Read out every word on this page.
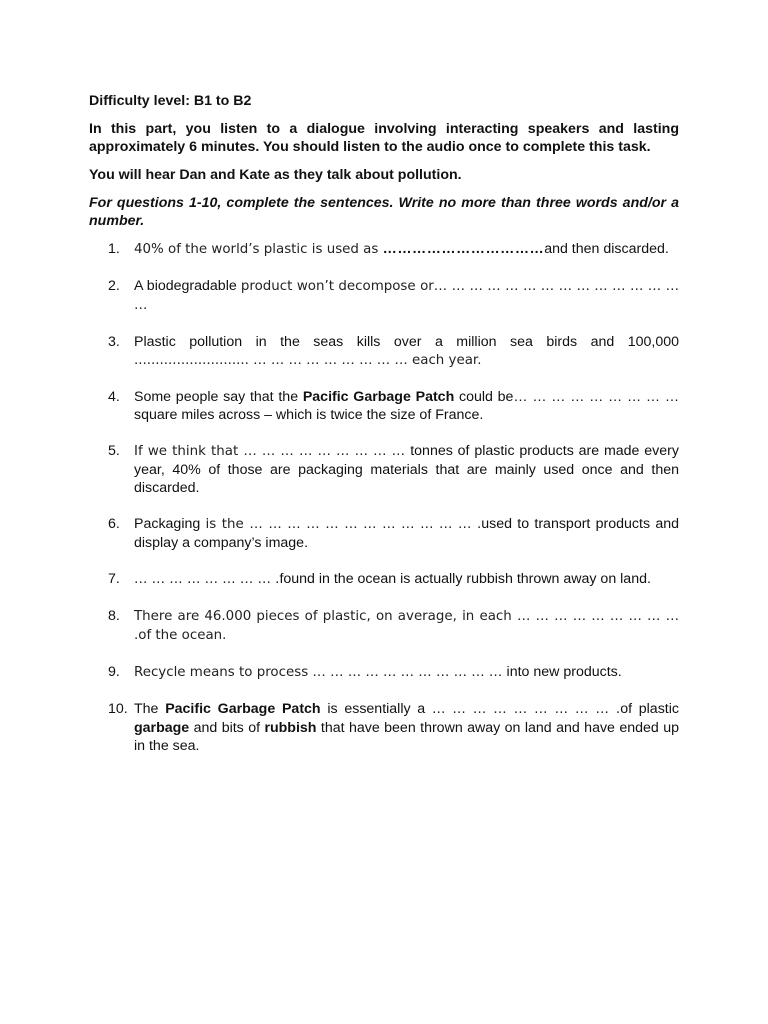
Difficulty level: B1 to B2

In this part, you listen to a dialogue involving interacting speakers and lasting approximately 6 minutes. You should listen to the audio once to complete this task.

You will hear Dan and Kate as they talk about pollution.

For questions 1-10, complete the sentences. Write no more than three words and/or a number.

1.	40% of the world’s plastic is used as ……………………………and then discarded.
2. A biodegradable product won’t decompose or… … … … … … … … … … … … … … …
3. Plastic pollution in the seas kills over a million sea birds and 100,000 ........................... … … … … … … … … … each year.
4. Some people say that the Pacific Garbage Patch could be… … … … … … … … … square miles across – which is twice the size of France.
5.	If we think that … … … … … … … … … tonnes of plastic products are made every year, 40% of those are packaging materials that are mainly used once and then discarded.
6. Packaging is the … … … … … … … … … … … … .used to transport products and display a company’s image.
7.	… … … … … … … … .found in the ocean is actually rubbish thrown away on land.
8.	There are 46.000 pieces of plastic, on average, in each … … … … … … … … … .of the ocean.
9.	Recycle means to process … … … … … … … … … … … into new products.
10. The Pacific Garbage Patch is essentially a … … … … … … … … … .of plastic garbage and bits of rubbish that have been thrown away on land and have ended up in the sea.
